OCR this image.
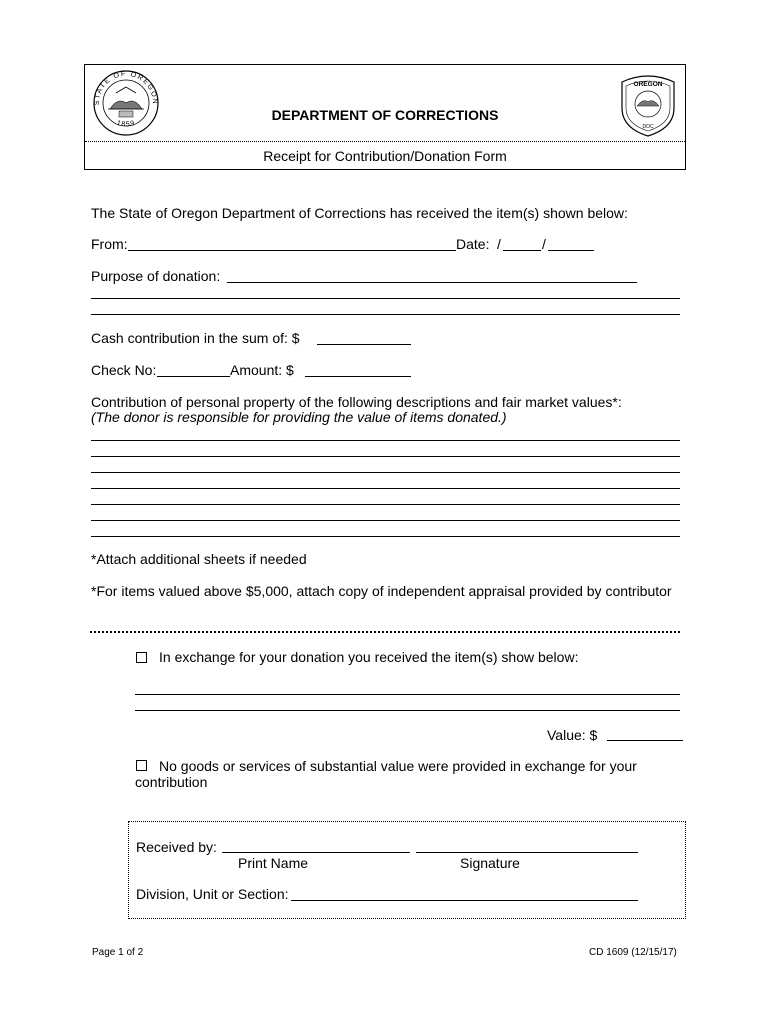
STATE OF OREGON
1859
OREGON
DOC
DEPARTMENT OF CORRECTIONS
Receipt for Contribution/Donation Form
The State of Oregon Department of Corrections has received the item(s) shown below:
From:	Date: /	/
Purpose of donation:
Cash contribution in the sum of: $
Check No:	Amount: $
Contribution of personal property of the following descriptions and fair market values*:
(The donor is responsible for providing the value of items donated.)
*Attach additional sheets if needed
*For items valued above $5,000, attach copy of independent appraisal provided by contributor
In exchange for your donation you received the item(s) show below:
Value: $
No goods or services of substantial value were provided in exchange for your
contribution
Received by:
Print Name	Signature
Division, Unit or Section:
Page 1 of 2	CD 1609 (12/15/17)
